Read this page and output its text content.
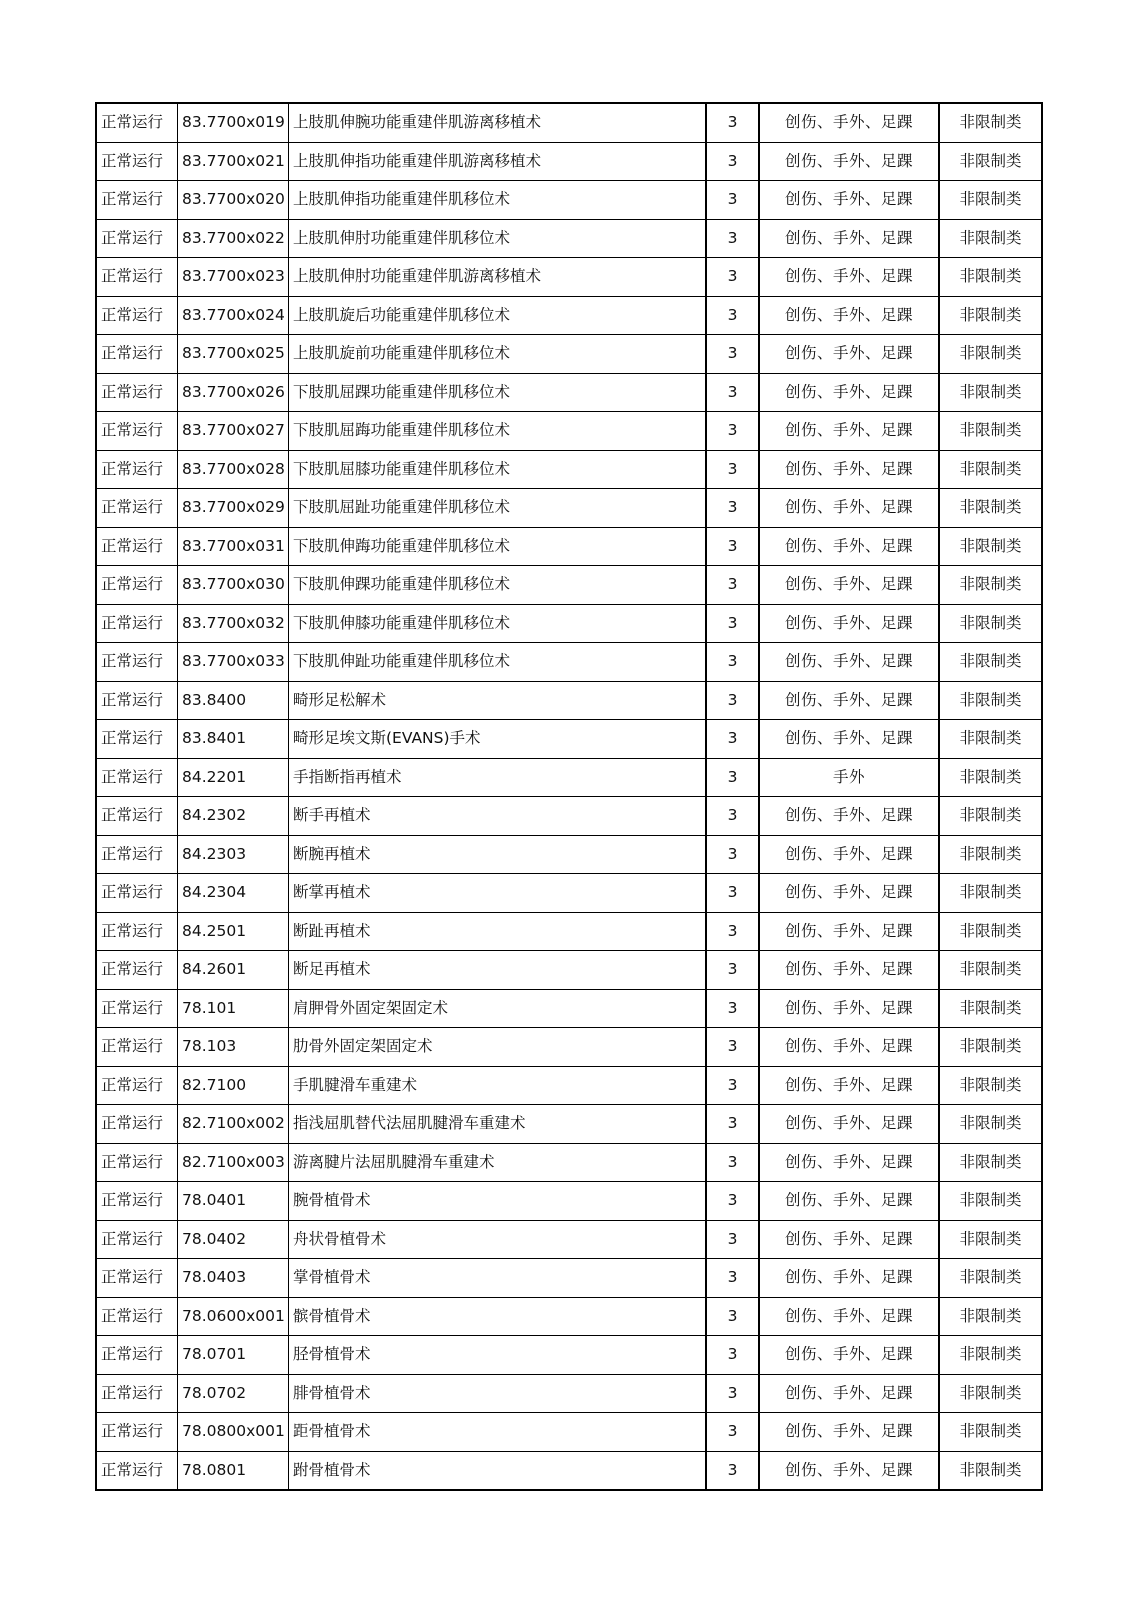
正常运行	83.7700x019	上肢肌伸腕功能重建伴肌游离移植术	3	创伤、手外、足踝	非限制类
正常运行	83.7700x021	上肢肌伸指功能重建伴肌游离移植术	3	创伤、手外、足踝	非限制类
正常运行	83.7700x020	上肢肌伸指功能重建伴肌移位术	3	创伤、手外、足踝	非限制类
正常运行	83.7700x022	上肢肌伸肘功能重建伴肌移位术	3	创伤、手外、足踝	非限制类
正常运行	83.7700x023	上肢肌伸肘功能重建伴肌游离移植术	3	创伤、手外、足踝	非限制类
正常运行	83.7700x024	上肢肌旋后功能重建伴肌移位术	3	创伤、手外、足踝	非限制类
正常运行	83.7700x025	上肢肌旋前功能重建伴肌移位术	3	创伤、手外、足踝	非限制类
正常运行	83.7700x026	下肢肌屈踝功能重建伴肌移位术	3	创伤、手外、足踝	非限制类
正常运行	83.7700x027	下肢肌屈踇功能重建伴肌移位术	3	创伤、手外、足踝	非限制类
正常运行	83.7700x028	下肢肌屈膝功能重建伴肌移位术	3	创伤、手外、足踝	非限制类
正常运行	83.7700x029	下肢肌屈趾功能重建伴肌移位术	3	创伤、手外、足踝	非限制类
正常运行	83.7700x031	下肢肌伸踇功能重建伴肌移位术	3	创伤、手外、足踝	非限制类
正常运行	83.7700x030	下肢肌伸踝功能重建伴肌移位术	3	创伤、手外、足踝	非限制类
正常运行	83.7700x032	下肢肌伸膝功能重建伴肌移位术	3	创伤、手外、足踝	非限制类
正常运行	83.7700x033	下肢肌伸趾功能重建伴肌移位术	3	创伤、手外、足踝	非限制类
正常运行	83.8400	畸形足松解术	3	创伤、手外、足踝	非限制类
正常运行	83.8401	畸形足埃文斯(EVANS)手术	3	创伤、手外、足踝	非限制类
正常运行	84.2201	手指断指再植术	3	手外	非限制类
正常运行	84.2302	断手再植术	3	创伤、手外、足踝	非限制类
正常运行	84.2303	断腕再植术	3	创伤、手外、足踝	非限制类
正常运行	84.2304	断掌再植术	3	创伤、手外、足踝	非限制类
正常运行	84.2501	断趾再植术	3	创伤、手外、足踝	非限制类
正常运行	84.2601	断足再植术	3	创伤、手外、足踝	非限制类
正常运行	78.101	肩胛骨外固定架固定术	3	创伤、手外、足踝	非限制类
正常运行	78.103	肋骨外固定架固定术	3	创伤、手外、足踝	非限制类
正常运行	82.7100	手肌腱滑车重建术	3	创伤、手外、足踝	非限制类
正常运行	82.7100x002	指浅屈肌替代法屈肌腱滑车重建术	3	创伤、手外、足踝	非限制类
正常运行	82.7100x003	游离腱片法屈肌腱滑车重建术	3	创伤、手外、足踝	非限制类
正常运行	78.0401	腕骨植骨术	3	创伤、手外、足踝	非限制类
正常运行	78.0402	舟状骨植骨术	3	创伤、手外、足踝	非限制类
正常运行	78.0403	掌骨植骨术	3	创伤、手外、足踝	非限制类
正常运行	78.0600x001	髌骨植骨术	3	创伤、手外、足踝	非限制类
正常运行	78.0701	胫骨植骨术	3	创伤、手外、足踝	非限制类
正常运行	78.0702	腓骨植骨术	3	创伤、手外、足踝	非限制类
正常运行	78.0800x001	距骨植骨术	3	创伤、手外、足踝	非限制类
正常运行	78.0801	跗骨植骨术	3	创伤、手外、足踝	非限制类
